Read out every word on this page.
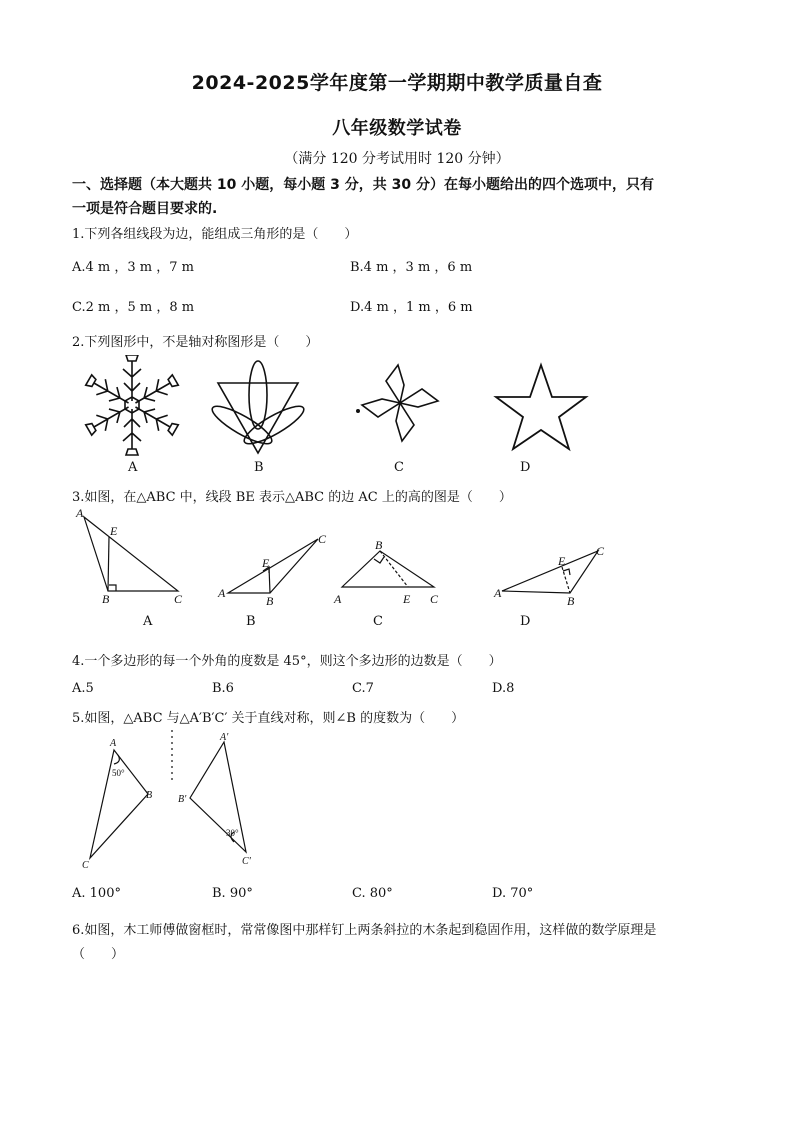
2024-2025学年度第一学期期中教学质量自查
八年级数学试卷
（满分 120 分考试用时 120 分钟）
一、选择题（本大题共 10 小题，每小题 3 分，共 30 分）在每小题给出的四个选项中，只有
一项是符合题目要求的.
1.下列各组线段为边，能组成三角形的是（　　）
A.4 m ，3 m ，7 m	B.4 m ，3 m ，6 m
C.2 m ，5 m ，8 m	D.4 m ，1 m ，6 m
2.下列图形中，不是轴对称图形是（　　）
A	B	C	D
3.如图，在△ABC 中，线段 BE 表示△ABC 的边 AC 上的高的图是（　　）
A
E
B	C	A
E
B
C
A
B
E C	A
E
B
C
A	B	C	D
4.一个多边形的每一个外角的度数是 45°，则这个多边形的边数是（　　）
A.5	B.6	C.7	D.8
5.如图，△ABC 与△A′B′C′ 关于直线对称，则∠B 的度数为（　　）
A
B
C
A'
B'
C'
50°
30°
A. 100°	B. 90°	C. 80°	D. 70°
6.如图，木工师傅做窗框时，常常像图中那样钉上两条斜拉的木条起到稳固作用，这样做的数学原理是
（　　）
